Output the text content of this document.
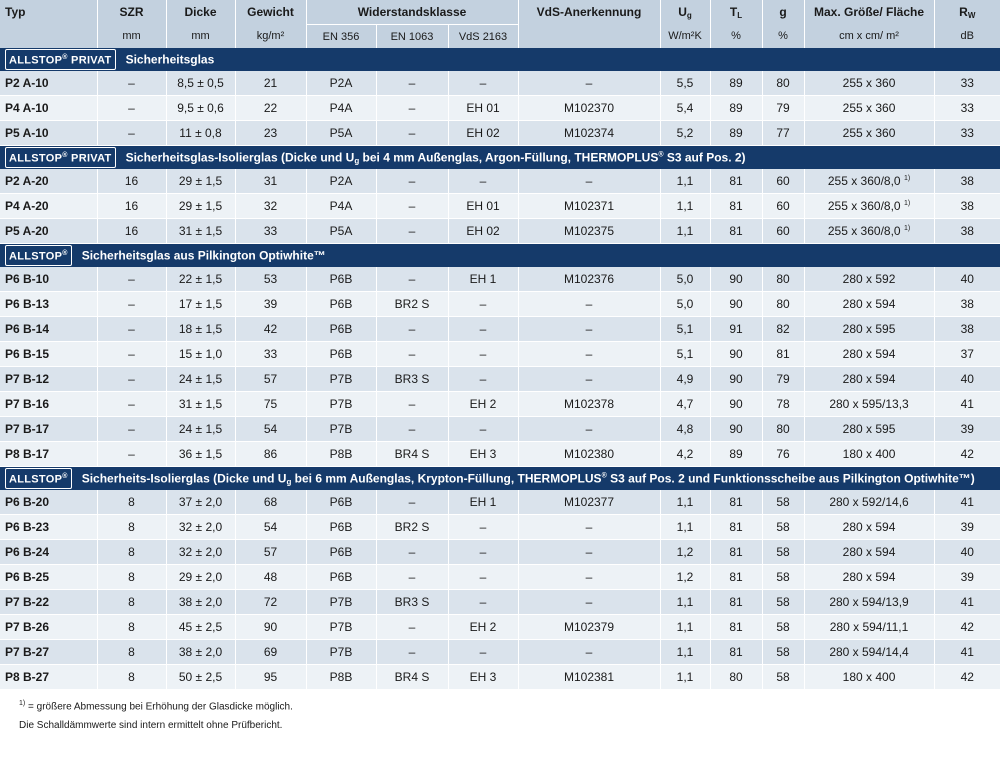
Typ	SZR	Dicke	Gewicht	Widerstandsklasse			VdS-Anerkennung	$U_g$	$T_L$	g	Max. Größe/ Fläche	$R_W$
	mm	mm	kg/m²	EN 356	EN 1063	VdS 2163		W/m²K	%	%	cm x cm/ m²	dB
ALLSTOP® PRIVAT Sicherheitsglas												
P2 A-10	–	8,5 ± 0,5	21	P2A	–	–	–	5,5	89	80	255 x 360	33
P4 A-10	–	9,5 ± 0,6	22	P4A	–	EH 01	M102370	5,4	89	79	255 x 360	33
P5 A-10	–	11 ± 0,8	23	P5A	–	EH 02	M102374	5,2	89	77	255 x 360	33
ALLSTOP® PRIVAT Sicherheitsglas-Isolierglas (Dicke und $U_g$ bei 4 mm Außenglas, Argon-Füllung, THERMOPLUS® S3 auf Pos. 2)												
P2 A-20	16	29 ± 1,5	31	P2A	–	–	–	1,1	81	60	255 x 360/8,0 $^{1)}$	38
P4 A-20	16	29 ± 1,5	32	P4A	–	EH 01	M102371	1,1	81	60	255 x 360/8,0 $^{1)}$	38
P5 A-20	16	31 ± 1,5	33	P5A	–	EH 02	M102375	1,1	81	60	255 x 360/8,0 $^{1)}$	38
ALLSTOP® Sicherheitsglas aus Pilkington Optiwhite™												
P6 B-10	–	22 ± 1,5	53	P6B	–	EH 1	M102376	5,0	90	80	280 x 592	40
P6 B-13	–	17 ± 1,5	39	P6B	BR2 S	–	–	5,0	90	80	280 x 594	38
P6 B-14	–	18 ± 1,5	42	P6B	–	–	–	5,1	91	82	280 x 595	38
P6 B-15	–	15 ± 1,0	33	P6B	–	–	–	5,1	90	81	280 x 594	37
P7 B-12	–	24 ± 1,5	57	P7B	BR3 S	–	–	4,9	90	79	280 x 594	40
P7 B-16	–	31 ± 1,5	75	P7B	–	EH 2	M102378	4,7	90	78	280 x 595/13,3	41
P7 B-17	–	24 ± 1,5	54	P7B	–	–	–	4,8	90	80	280 x 595	39
P8 B-17	–	36 ± 1,5	86	P8B	BR4 S	EH 3	M102380	4,2	89	76	180 x 400	42
ALLSTOP® Sicherheits-Isolierglas (Dicke und $U_g$ bei 6 mm Außenglas, Krypton-Füllung, THERMOPLUS® S3 auf Pos. 2 und Funktionsscheibe aus Pilkington Optiwhite™)												
P6 B-20	8	37 ± 2,0	68	P6B	–	EH 1	M102377	1,1	81	58	280 x 592/14,6	41
P6 B-23	8	32 ± 2,0	54	P6B	BR2 S	–	–	1,1	81	58	280 x 594	39
P6 B-24	8	32 ± 2,0	57	P6B	–	–	–	1,2	81	58	280 x 594	40
P6 B-25	8	29 ± 2,0	48	P6B	–	–	–	1,2	81	58	280 x 594	39
P7 B-22	8	38 ± 2,0	72	P7B	BR3 S	–	–	1,1	81	58	280 x 594/13,9	41
P7 B-26	8	45 ± 2,5	90	P7B	–	EH 2	M102379	1,1	81	58	280 x 594/11,1	42
P7 B-27	8	38 ± 2,0	69	P7B	–	–	–	1,1	81	58	280 x 594/14,4	41
P8 B-27	8	50 ± 2,5	95	P8B	BR4 S	EH 3	M102381	1,1	80	58	180 x 400	42
$^{1)}$ = größere Abmessung bei Erhöhung der Glasdicke möglich.
Die Schalldämmwerte sind intern ermittelt ohne Prüfbericht.
